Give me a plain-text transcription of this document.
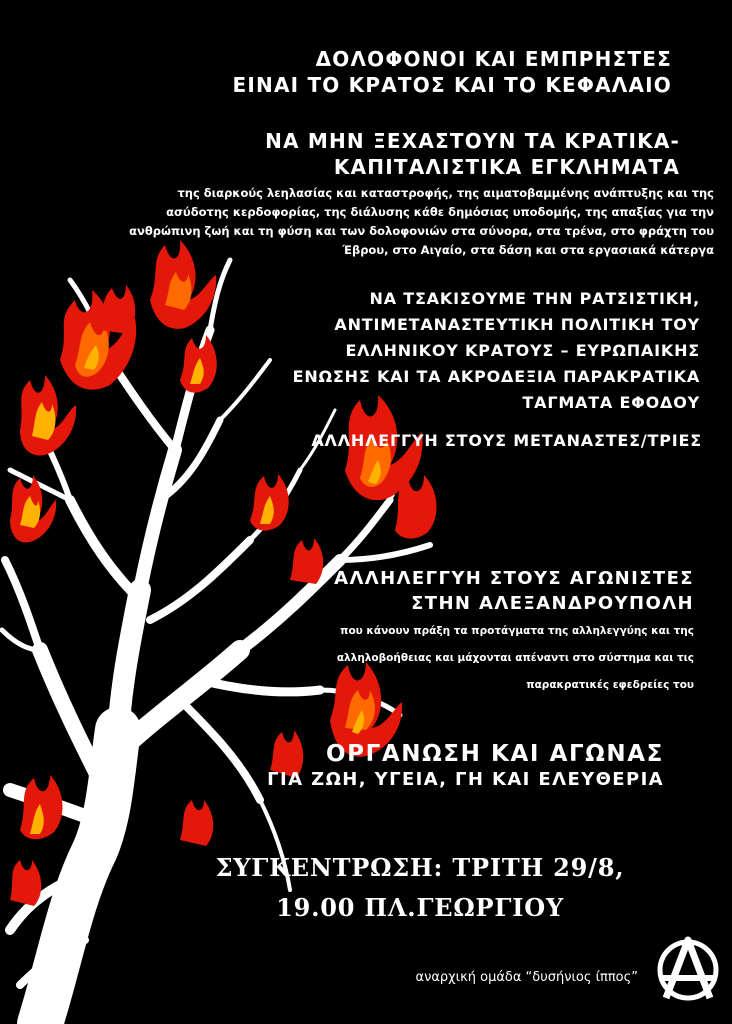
ΔΟΛΟΦΟΝΟΙ ΚΑΙ ΕΜΠΡΗΣΤΕΣ
ΕΙΝΑΙ ΤΟ ΚΡΑΤΟΣ ΚΑΙ ΤΟ ΚΕΦΑΛΑΙΟ
ΝΑ ΜΗΝ ΞΕΧΑΣΤΟΥΝ ΤΑ ΚΡΑΤΙΚΑ-
ΚΑΠΙΤΑΛΙΣΤΙΚΑ ΕΓΚΛΗΜΑΤΑ
της διαρκούς λεηλασίας και καταστροφής, της αιματοβαμμένης ανάπτυξης και της
ασύδοτης κερδοφορίας, της διάλυσης κάθε δημόσιας υποδομής, της απαξίας για την
ανθρώπινη ζωή και τη φύση και των δολοφονιών στα σύνορα, στα τρένα, στο φράχτη του
Έβρου, στο Αιγαίο, στα δάση και στα εργασιακά κάτεργα
ΝΑ ΤΣΑΚΙΣΟΥΜΕ ΤΗΝ ΡΑΤΣΙΣΤΙΚΗ,
ΑΝΤΙΜΕΤΑΝΑΣΤΕΥΤΙΚΗ ΠΟΛΙΤΙΚΗ ΤΟΥ
ΕΛΛΗΝΙΚΟΥ ΚΡΑΤΟΥΣ – ΕΥΡΩΠΑΙΚΗΣ
ΕΝΩΣΗΣ ΚΑΙ ΤΑ ΑΚΡΟΔΕΞΙΑ ΠΑΡΑΚΡΑΤΙΚΑ
ΤΑΓΜΑΤΑ ΕΦΟΔΟΥ
ΑΛΛΗΛΕΓΓΥΗ ΣΤΟΥΣ ΜΕΤΑΝΑΣΤΕΣ/ΤΡΙΕΣ
ΑΛΛΗΛΕΓΓΥΗ ΣΤΟΥΣ ΑΓΩΝΙΣΤΕΣ
ΣΤΗΝ ΑΛΕΞΑΝΔΡΟΥΠΟΛΗ
που κάνουν πράξη τα προτάγματα της αλληλεγγύης και της
αλληλοβοήθειας και μάχονται απέναντι στο σύστημα και τις
παρακρατικές εφεδρείες του
ΟΡΓΑΝΩΣΗ ΚΑΙ ΑΓΩΝΑΣ
ΓΙΑ ΖΩΗ, ΥΓΕΙΑ, ΓΗ ΚΑΙ ΕΛΕΥΘΕΡΙΑ
ΣΥΓΚΕΝΤΡΩΣΗ: ΤΡΙΤΗ 29/8,
19.00 ΠΛ.ΓΕΩΡΓΙΟΥ
αναρχική ομάδα “δυσήνιος ίππος”
